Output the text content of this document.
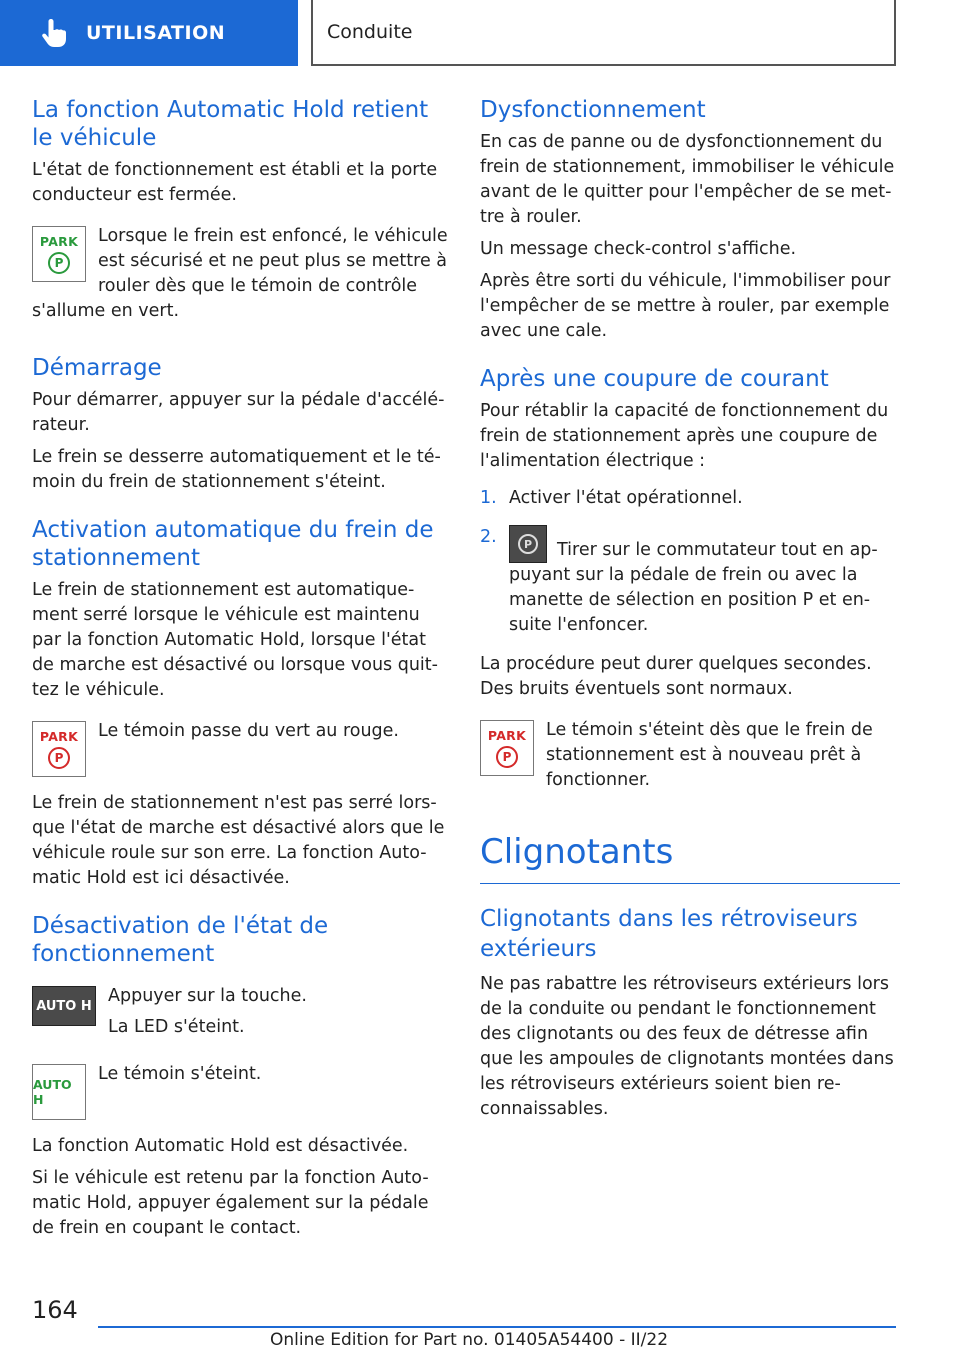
UTILISATION	Conduite
La fonction Automatic Hold retient le véhicule

L'état de fonctionnement est établi et la porte conducteur est fermée.

PARK
P

Lorsque le frein est enfoncé, le véhicule est sécurisé et ne peut plus se mettre à rouler dès que le témoin de contrôle s'allume en vert.

Démarrage

Pour démarrer, appuyer sur la pédale d'accélé-rateur.

Le frein se desserre automatiquement et le té-moin du frein de stationnement s'éteint.

Activation automatique du frein de stationnement

Le frein de stationnement est automatique-ment serré lorsque le véhicule est maintenu par la fonction Automatic Hold, lorsque l'état de marche est désactivé ou lorsque vous quit-tez le véhicule.

PARK
P

Le témoin passe du vert au rouge.

Le frein de stationnement n'est pas serré lors-que l'état de marche est désactivé alors que le véhicule roule sur son erre. La fonction Auto-matic Hold est ici désactivée.

Désactivation de l'état de fonctionnement
AUTO H Appuyer sur la touche.

La LED s'éteint.

AUTO H

Le témoin s'éteint.

La fonction Automatic Hold est désactivée.

Si le véhicule est retenu par la fonction Auto-matic Hold, appuyer également sur la pédale de frein en coupant le contact.

Dysfonctionnement

En cas de panne ou de dysfonctionnement du frein de stationnement, immobiliser le véhicule avant de le quitter pour l'empêcher de se met-tre à rouler.

Un message check-control s'affiche.

Après être sorti du véhicule, l'immobiliser pour l'empêcher de se mettre à rouler, par exemple avec une cale.

Après une coupure de courant

Pour rétablir la capacité de fonctionnement du frein de stationnement après une coupure de l'alimentation électrique :

1. Activer l'état opérationnel.
2.	P	Tirer sur le commutateur tout en ap-puyant sur la pédale de frein ou avec la manette de sélection en position P et en-suite l'enfoncer.

La procédure peut durer quelques secondes. Des bruits éventuels sont normaux.

PARK
P

Le témoin s'éteint dès que le frein de stationnement est à nouveau prêt à fonctionner.

Clignotants
Clignotants dans les rétroviseurs extérieurs

Ne pas rabattre les rétroviseurs extérieurs lors de la conduite ou pendant le fonctionnement des clignotants ou des feux de détresse afin que les ampoules de clignotants montées dans les rétroviseurs extérieurs soient bien re-connaissables.

164
Online Edition for Part no. 01405A54400 - II/22
